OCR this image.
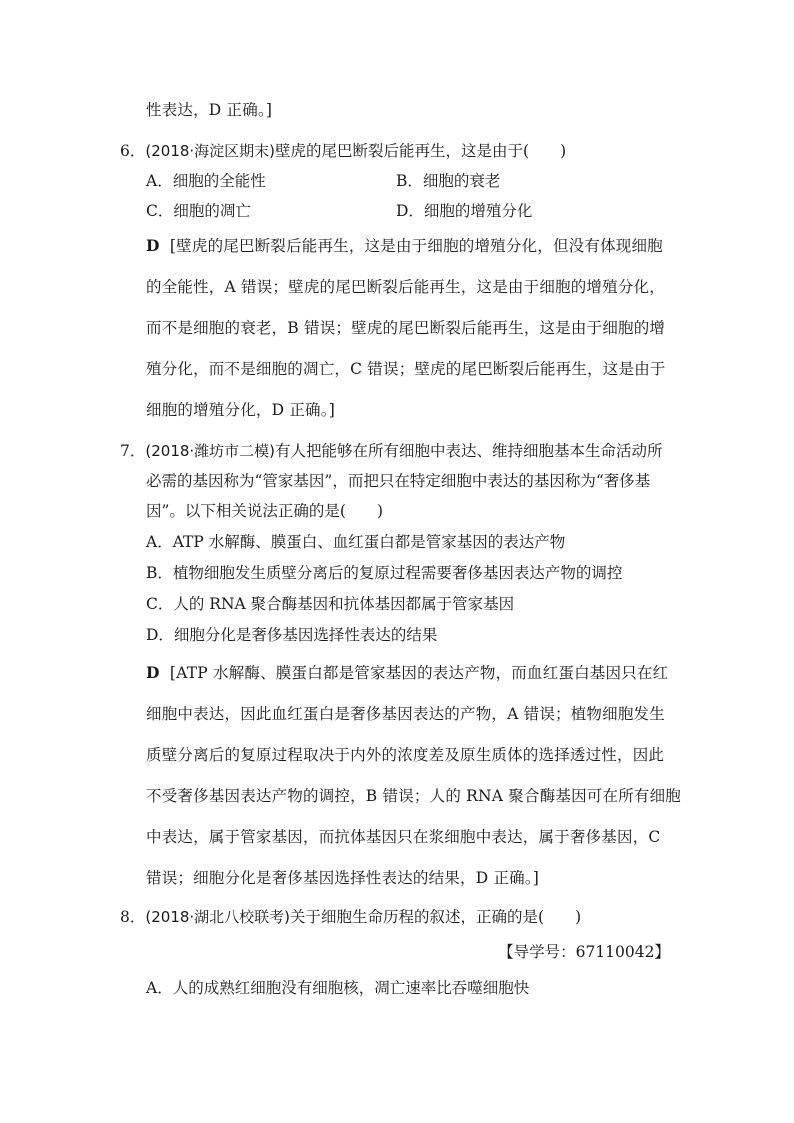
性表达，D 正确。]
6．(2018·海淀区期末)壁虎的尾巴断裂后能再生，这是由于(　　)
A．细胞的全能性	B．细胞的衰老
C．细胞的凋亡	D．细胞的增殖分化
D [壁虎的尾巴断裂后能再生，这是由于细胞的增殖分化，但没有体现细胞
的全能性，A 错误；壁虎的尾巴断裂后能再生，这是由于细胞的增殖分化，
而不是细胞的衰老，B 错误；壁虎的尾巴断裂后能再生，这是由于细胞的增
殖分化，而不是细胞的凋亡，C 错误；壁虎的尾巴断裂后能再生，这是由于
细胞的增殖分化，D 正确。]
7．(2018·潍坊市二模)有人把能够在所有细胞中表达、维持细胞基本生命活动所
必需的基因称为“管家基因”，而把只在特定细胞中表达的基因称为“奢侈基
因”。以下相关说法正确的是(　　)
A．ATP 水解酶、膜蛋白、血红蛋白都是管家基因的表达产物
B．植物细胞发生质壁分离后的复原过程需要奢侈基因表达产物的调控
C．人的 RNA 聚合酶基因和抗体基因都属于管家基因
D．细胞分化是奢侈基因选择性表达的结果
D [ATP 水解酶、膜蛋白都是管家基因的表达产物，而血红蛋白基因只在红
细胞中表达，因此血红蛋白是奢侈基因表达的产物，A 错误；植物细胞发生
质壁分离后的复原过程取决于内外的浓度差及原生质体的选择透过性，因此
不受奢侈基因表达产物的调控，B 错误；人的 RNA 聚合酶基因可在所有细胞
中表达，属于管家基因，而抗体基因只在浆细胞中表达，属于奢侈基因，C
错误；细胞分化是奢侈基因选择性表达的结果，D 正确。]
8．(2018·湖北八校联考)关于细胞生命历程的叙述，正确的是(　　)
【导学号：67110042】
A．人的成熟红细胞没有细胞核，凋亡速率比吞噬细胞快
